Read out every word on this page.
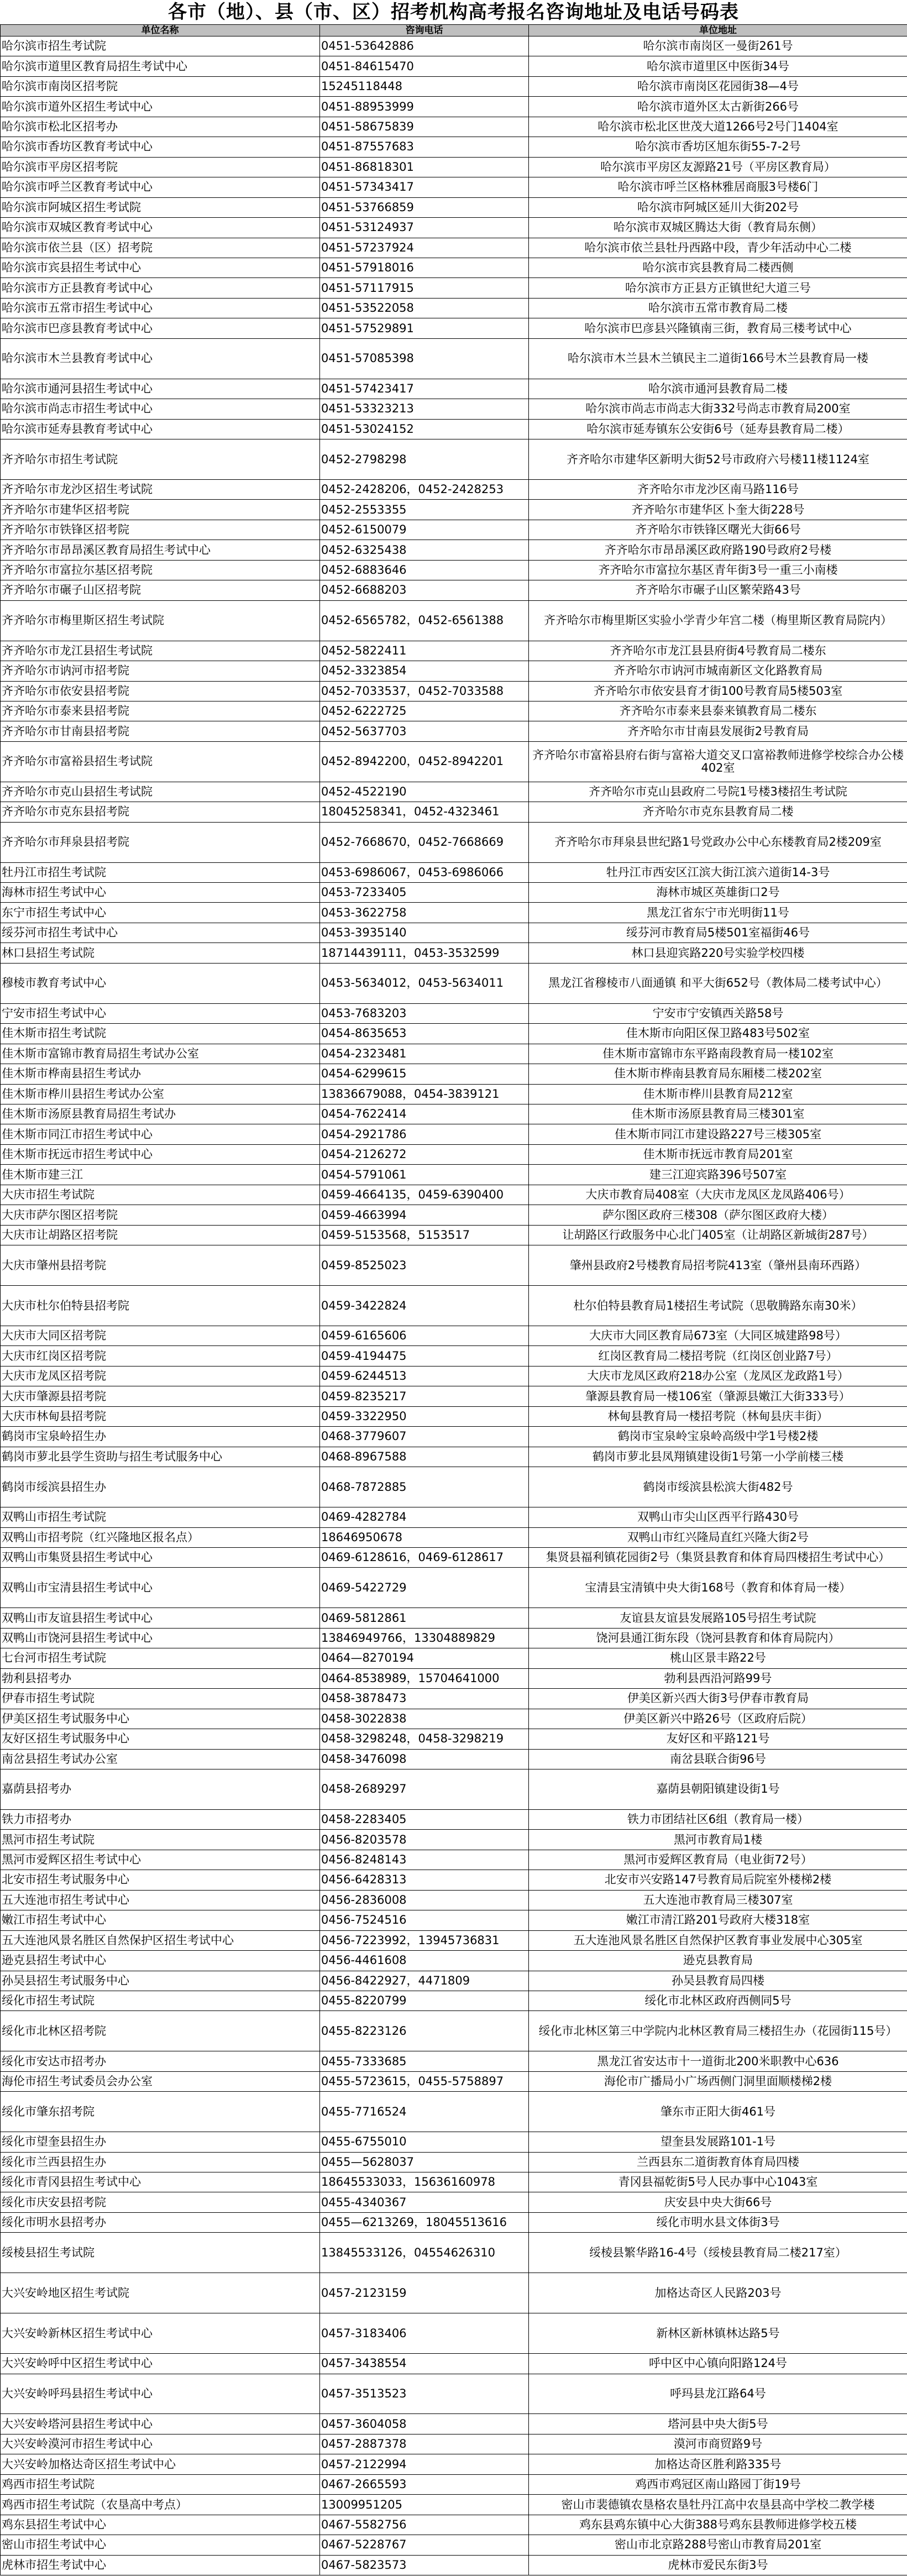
各市（地）、县（市、区）招考机构高考报名咨询地址及电话号码表
单位名称	咨询电话	单位地址
哈尔滨市招生考试院	0451-53642886	哈尔滨市南岗区一曼街261号
哈尔滨市道里区教育局招生考试中心	0451-84615470	哈尔滨市道里区中医街34号
哈尔滨市南岗区招考院	15245118448	哈尔滨市南岗区花园街38—4号
哈尔滨市道外区招生考试中心	0451-88953999	哈尔滨市道外区太古新街266号
哈尔滨市松北区招考办	0451-58675839	哈尔滨市松北区世茂大道1266号2号门1404室
哈尔滨市香坊区教育考试中心	0451-87557683	哈尔滨市香坊区旭东街55-7-2号
哈尔滨市平房区招考院	0451-86818301	哈尔滨市平房区友源路21号（平房区教育局）
哈尔滨市呼兰区教育考试中心	0451-57343417	哈尔滨市呼兰区格林雅居商服3号楼6门
哈尔滨市阿城区招生考试院	0451-53766859	哈尔滨市阿城区延川大街202号
哈尔滨市双城区教育考试中心	0451-53124937	哈尔滨市双城区腾达大街（教育局东侧）
哈尔滨市依兰县（区）招考院	0451-57237924	哈尔滨市依兰县牡丹西路中段，青少年活动中心二楼
哈尔滨市宾县招生考试中心	0451-57918016	哈尔滨市宾县教育局二楼西侧
哈尔滨市方正县教育考试中心	0451-57117915	哈尔滨市方正县方正镇世纪大道三号
哈尔滨市五常市招生考试中心	0451-53522058	哈尔滨市五常市教育局二楼
哈尔滨市巴彦县教育考试中心	0451-57529891	哈尔滨市巴彦县兴隆镇南三街，教育局三楼考试中心
哈尔滨市木兰县教育考试中心	0451-57085398	哈尔滨市木兰县木兰镇民主二道街166号木兰县教育局一楼
哈尔滨市通河县招生考试中心	0451-57423417	哈尔滨市通河县教育局二楼
哈尔滨市尚志市招生考试中心	0451-53323213	哈尔滨市尚志市尚志大街332号尚志市教育局200室
哈尔滨市延寿县教育考试中心	0451-53024152	哈尔滨市延寿镇东公安街6号（延寿县教育局二楼）
齐齐哈尔市招生考试院	0452-2798298	齐齐哈尔市建华区新明大街52号市政府六号楼11楼1124室
齐齐哈尔市龙沙区招生考试院	0452-2428206，0452-2428253	齐齐哈尔市龙沙区南马路116号
齐齐哈尔市建华区招考院	0452-2553355	齐齐哈尔市建华区卜奎大街228号
齐齐哈尔市铁锋区招考院	0452-6150079	齐齐哈尔市铁锋区曙光大街66号
齐齐哈尔市昂昂溪区教育局招生考试中心	0452-6325438	齐齐哈尔市昂昂溪区政府路190号政府2号楼
齐齐哈尔市富拉尔基区招考院	0452-6883646	齐齐哈尔市富拉尔基区青年街3号一重三小南楼
齐齐哈尔市碾子山区招考院	0452-6688203	齐齐哈尔市碾子山区繁荣路43号
齐齐哈尔市梅里斯区招生考试院	0452-6565782，0452-6561388	齐齐哈尔市梅里斯区实验小学青少年宫二楼（梅里斯区教育局院内）
齐齐哈尔市龙江县招生考试院	0452-5822411	齐齐哈尔市龙江县县府街4号教育局二楼东
齐齐哈尔市讷河市招考院	0452-3323854	齐齐哈尔市讷河市城南新区文化路教育局
齐齐哈尔市依安县招考院	0452-7033537，0452-7033588	齐齐哈尔市依安县育才街100号教育局5楼503室
齐齐哈尔市泰来县招考院	0452-6222725	齐齐哈尔市泰来县泰来镇教育局二楼东
齐齐哈尔市甘南县招考院	0452-5637703	齐齐哈尔市甘南县发展街2号教育局
齐齐哈尔市富裕县招生考试院	0452-8942200，0452-8942201	齐齐哈尔市富裕县府右街与富裕大道交叉口富裕教师进修学校综合办公楼402室
齐齐哈尔市克山县招生考试院	0452-4522190	齐齐哈尔市克山县政府二号院1号楼3楼招生考试院
齐齐哈尔市克东县招考院	18045258341，0452-4323461	齐齐哈尔市克东县教育局二楼
齐齐哈尔市拜泉县招考院	0452-7668670，0452-7668669	齐齐哈尔市拜泉县世纪路1号党政办公中心东楼教育局2楼209室
牡丹江市招生考试院	0453-6986067，0453-6986066	牡丹江市西安区江滨大街江滨六道街14-3号
海林市招生考试中心	0453-7233405	海林市城区英雄街口2号
东宁市招生考试中心	0453-3622758	黑龙江省东宁市光明街11号
绥芬河市招生考试中心	0453-3935140	绥芬河市教育局5楼501室福街46号
林口县招生考试院	18714439111，0453-3532599	林口县迎宾路220号实验学校四楼
穆棱市教育考试中心	0453-5634012，0453-5634011	黑龙江省穆棱市八面通镇 和平大街652号（教体局二楼考试中心）
宁安市招生考试中心	0453-7683203	宁安市宁安镇西关路58号
佳木斯市招生考试院	0454-8635653	佳木斯市向阳区保卫路483号502室
佳木斯市富锦市教育局招生考试办公室	0454-2323481	佳木斯市富锦市东平路南段教育局一楼102室
佳木斯市桦南县招生考试办	0454-6299615	佳木斯市桦南县教育局东厢楼二楼202室
佳木斯市桦川县招生考试办公室	13836679088，0454-3839121	佳木斯市桦川县教育局212室
佳木斯市汤原县教育局招生考试办	0454-7622414	佳木斯市汤原县教育局三楼301室
佳木斯市同江市招生考试中心	0454-2921786	佳木斯市同江市建设路227号三楼305室
佳木斯市抚远市招生考试中心	0454-2126272	佳木斯市抚远市教育局201室
佳木斯市建三江	0454-5791061	建三江迎宾路396号507室
大庆市招生考试院	0459-4664135，0459-6390400	大庆市教育局408室（大庆市龙凤区龙凤路406号）
大庆市萨尔图区招考院	0459-4663994	萨尔图区政府三楼308（萨尔图区政府大楼）
大庆市让胡路区招考院	0459-5153568，5153517	让胡路区行政服务中心北门405室（让胡路区新城街287号）
大庆市肇州县招考院	0459-8525023	肇州县政府2号楼教育局招考院413室（肇州县南环西路）
大庆市杜尔伯特县招考院	0459-3422824	杜尔伯特县教育局1楼招生考试院（思敬腾路东南30米）
大庆市大同区招考院	0459-6165606	大庆市大同区教育局673室（大同区城建路98号）
大庆市红岗区招考院	0459-4194475	红岗区教育局二楼招考院（红岗区创业路7号）
大庆市龙凤区招考院	0459-6244513	大庆市龙凤区政府218办公室（龙凤区龙政路1号）
大庆市肇源县招考院	0459-8235217	肇源县教育局一楼106室（肇源县嫩江大街333号）
大庆市林甸县招考院	0459-3322950	林甸县教育局一楼招考院（林甸县庆丰街）
鹤岗市宝泉岭招生办	0468-3779607	鹤岗市宝泉岭宝泉岭高级中学1号楼2楼
鹤岗市萝北县学生资助与招生考试服务中心	0468-8967588	鹤岗市萝北县凤翔镇建设街1号第一小学前楼三楼
鹤岗市绥滨县招生办	0468-7872885	鹤岗市绥滨县松滨大街482号
双鸭山市招生考试院	0469-4282784	双鸭山市尖山区西平行路430号
双鸭山市招考院（红兴隆地区报名点）	18646950678	双鸭山市红兴隆局直红兴隆大街2号
双鸭山市集贤县招生考试中心	0469-6128616，0469-6128617	集贤县福利镇花园街2号（集贤县教育和体育局四楼招生考试中心）
双鸭山市宝清县招生考试中心	0469-5422729	宝清县宝清镇中央大街168号（教育和体育局一楼）
双鸭山市友谊县招生考试中心	0469-5812861	友谊县友谊县发展路105号招生考试院
双鸭山市饶河县招生考试中心	13846949766，13304889829	饶河县通江街东段（饶河县教育和体育局院内）
七台河市招生考试院	0464—8270194	桃山区景丰路22号
勃利县招考办	0464-8538989，15704641000	勃利县西沿河路99号
伊春市招生考试院	0458-3878473	伊美区新兴西大街3号伊春市教育局
伊美区招生考试服务中心	0458-3022838	伊美区新兴中路26号（区政府后院）
友好区招生考试服务中心	0458-3298248，0458-3298219	友好区和平路121号
南岔县招生考试办公室	0458-3476098	南岔县联合街96号
嘉荫县招考办	0458-2689297	嘉荫县朝阳镇建设街1号
铁力市招考办	0458-2283405	铁力市团结社区6组（教育局一楼）
黑河市招生考试院	0456-8203578	黑河市教育局1楼
黑河市爱辉区招生考试中心	0456-8248143	黑河市爱辉区教育局（电业街72号）
北安市招生考试服务中心	0456-6428313	北安市兴安路147号教育局后院室外楼梯2楼
五大连池市招生考试中心	0456-2836008	五大连池市教育局三楼307室
嫩江市招生考试中心	0456-7524516	嫩江市清江路201号政府大楼318室
五大连池风景名胜区自然保护区招生考试中心	0456-7223992，13945736831	五大连池风景名胜区自然保护区教育事业发展中心305室
逊克县招生考试中心	0456-4461608	逊克县教育局
孙吴县招生考试服务中心	0456-8422927，4471809	孙吴县教育局四楼
绥化市招生考试院	0455-8220799	绥化市北林区政府西侧同5号
绥化市北林区招考院	0455-8223126	绥化市北林区第三中学院内北林区教育局三楼招生办（花园街115号）
绥化市安达市招考办	0455-7333685	黑龙江省安达市十一道街北200米职教中心636
海伦市招生考试委员会办公室	0455-5723615，0455-5758897	海伦市广播局小广场西侧门洞里面顺楼梯2楼
绥化市肇东招考院	0455-7716524	肇东市正阳大街461号
绥化市望奎县招生办	0455-6755010	望奎县发展路101-1号
绥化市兰西县招生办	0455—5628037	兰西县东二道街教育体育局四楼
绥化市青冈县招生考试中心	18645533033，15636160978	青冈县福乾街5号人民办事中心1043室
绥化市庆安县招考院	0455-4340367	庆安县中央大街66号
绥化市明水县招考办	0455—6213269，18045513616	绥化市明水县文体街3号
绥棱县招生考试院	13845533126，04554626310	绥棱县繁华路16-4号（绥棱县教育局二楼217室）
大兴安岭地区招生考试院	0457-2123159	加格达奇区人民路203号
大兴安岭新林区招生考试中心	0457-3183406	新林区新林镇林达路5号
大兴安岭呼中区招生考试中心	0457-3438554	呼中区中心镇向阳路124号
大兴安岭呼玛县招生考试中心	0457-3513523	呼玛县龙江路64号
大兴安岭塔河县招生考试中心	0457-3604058	塔河县中央大街5号
大兴安岭漠河市招生考试中心	0457-2887378	漠河市商贸路9号
大兴安岭加格达奇区招生考试中心	0457-2122994	加格达奇区胜利路335号
鸡西市招生考试院	0467-2665593	鸡西市鸡冠区南山路园丁街19号
鸡西市招生考试院（农垦高中考点）	13009951205	密山市裴德镇农垦格农垦牡丹江高中农垦县高中学校二教学楼
鸡东县招生考试中心	0467-5582756	鸡东县鸡东镇中心大街388号鸡东县教师进修学校五楼
密山市招生考试中心	0467-5228767	密山市北京路288号密山市教育局201室
虎林市招生考试中心	0467-5823573	虎林市爱民东街3号
